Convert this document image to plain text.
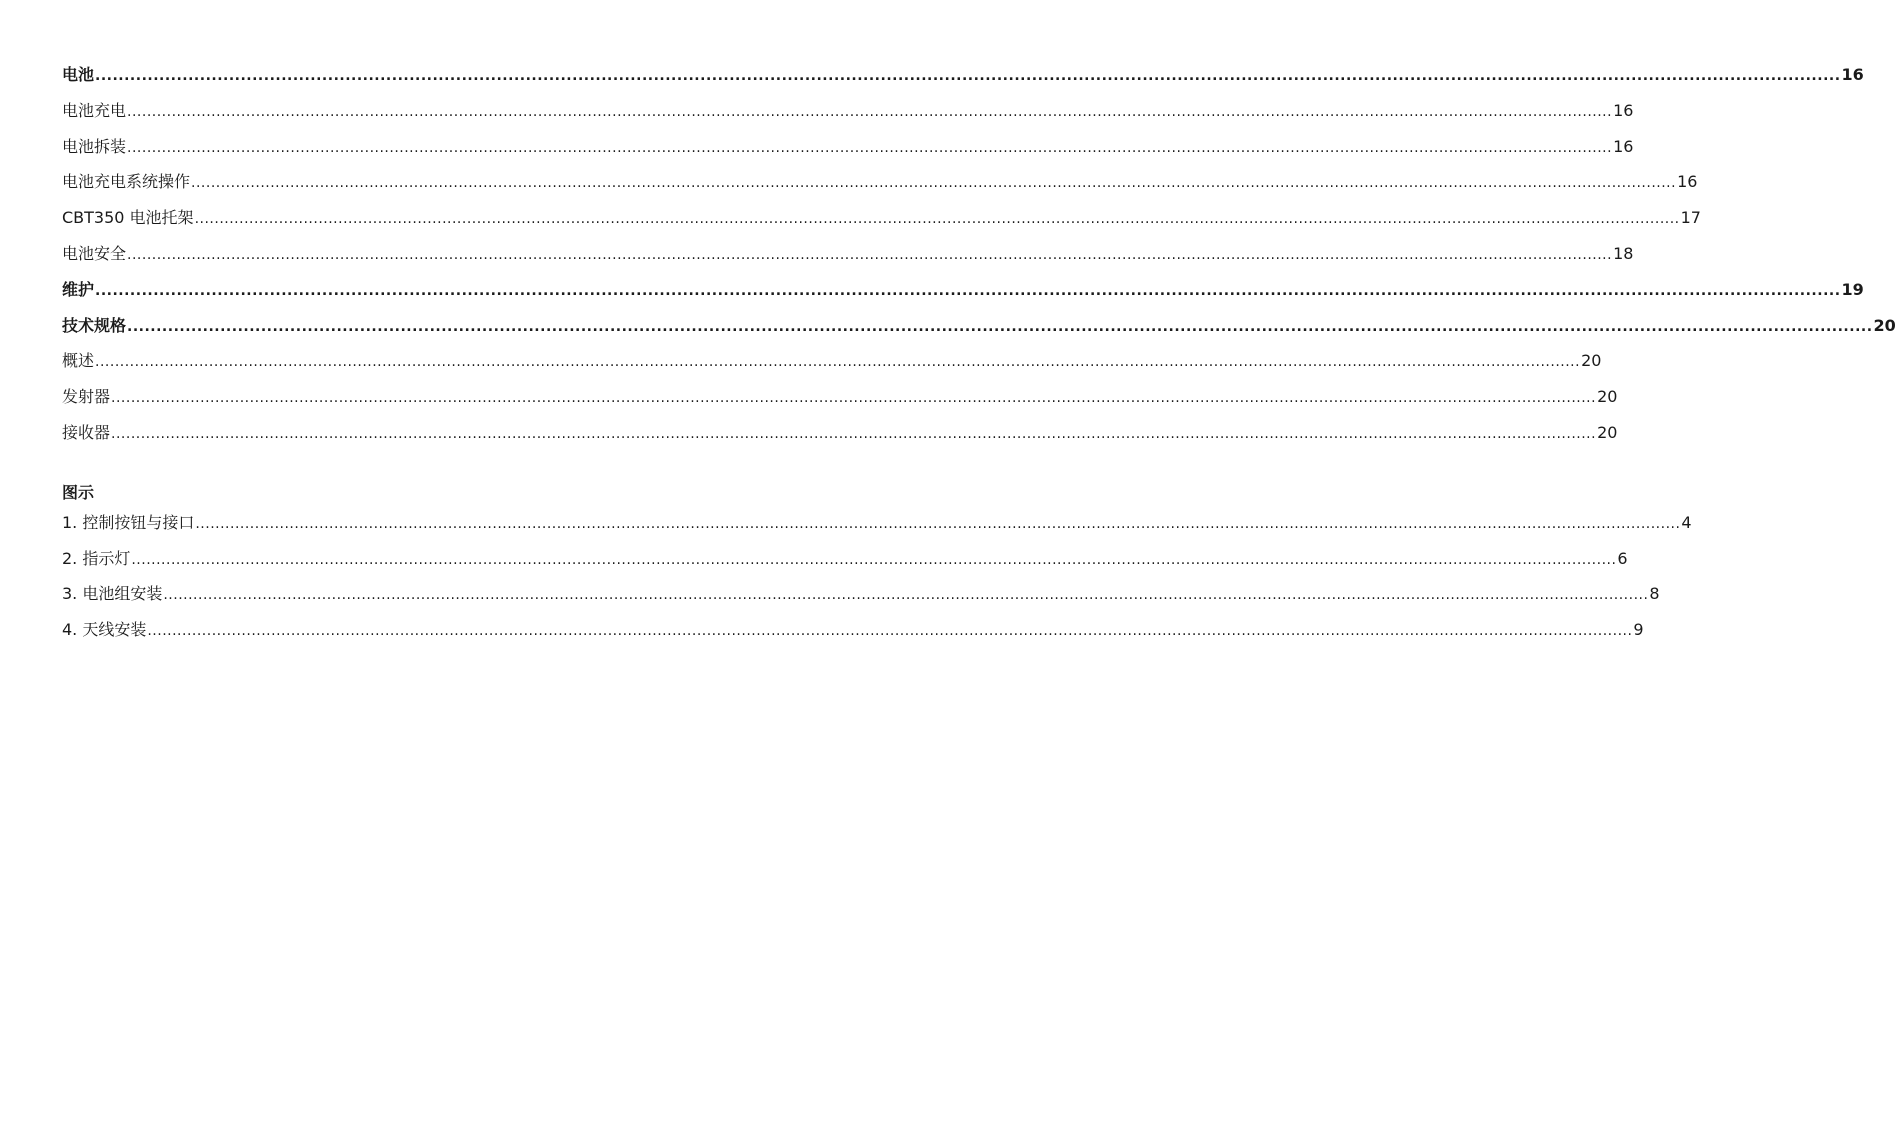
电池 ............................................................................................................................................................................................................................................................................................................ 16
电池充电 ............................................................................................................................................................................................................................................................................................................ 16
电池拆装 ............................................................................................................................................................................................................................................................................................................ 16
电池充电系统操作 ............................................................................................................................................................................................................................................................................................................ 16
CBT350 电池托架 ............................................................................................................................................................................................................................................................................................................ 17
电池安全 ............................................................................................................................................................................................................................................................................................................ 18
维护 ............................................................................................................................................................................................................................................................................................................ 19
技术规格 ............................................................................................................................................................................................................................................................................................................ 20
概述 ............................................................................................................................................................................................................................................................................................................ 20
发射器 ............................................................................................................................................................................................................................................................................................................ 20
接收器 ............................................................................................................................................................................................................................................................................................................ 20
图示
1. 控制按钮与接口 ............................................................................................................................................................................................................................................................................................................ 4
2. 指示灯 ............................................................................................................................................................................................................................................................................................................ 6
3. 电池组安装 ............................................................................................................................................................................................................................................................................................................ 8
4. 天线安装 ............................................................................................................................................................................................................................................................................................................ 9
